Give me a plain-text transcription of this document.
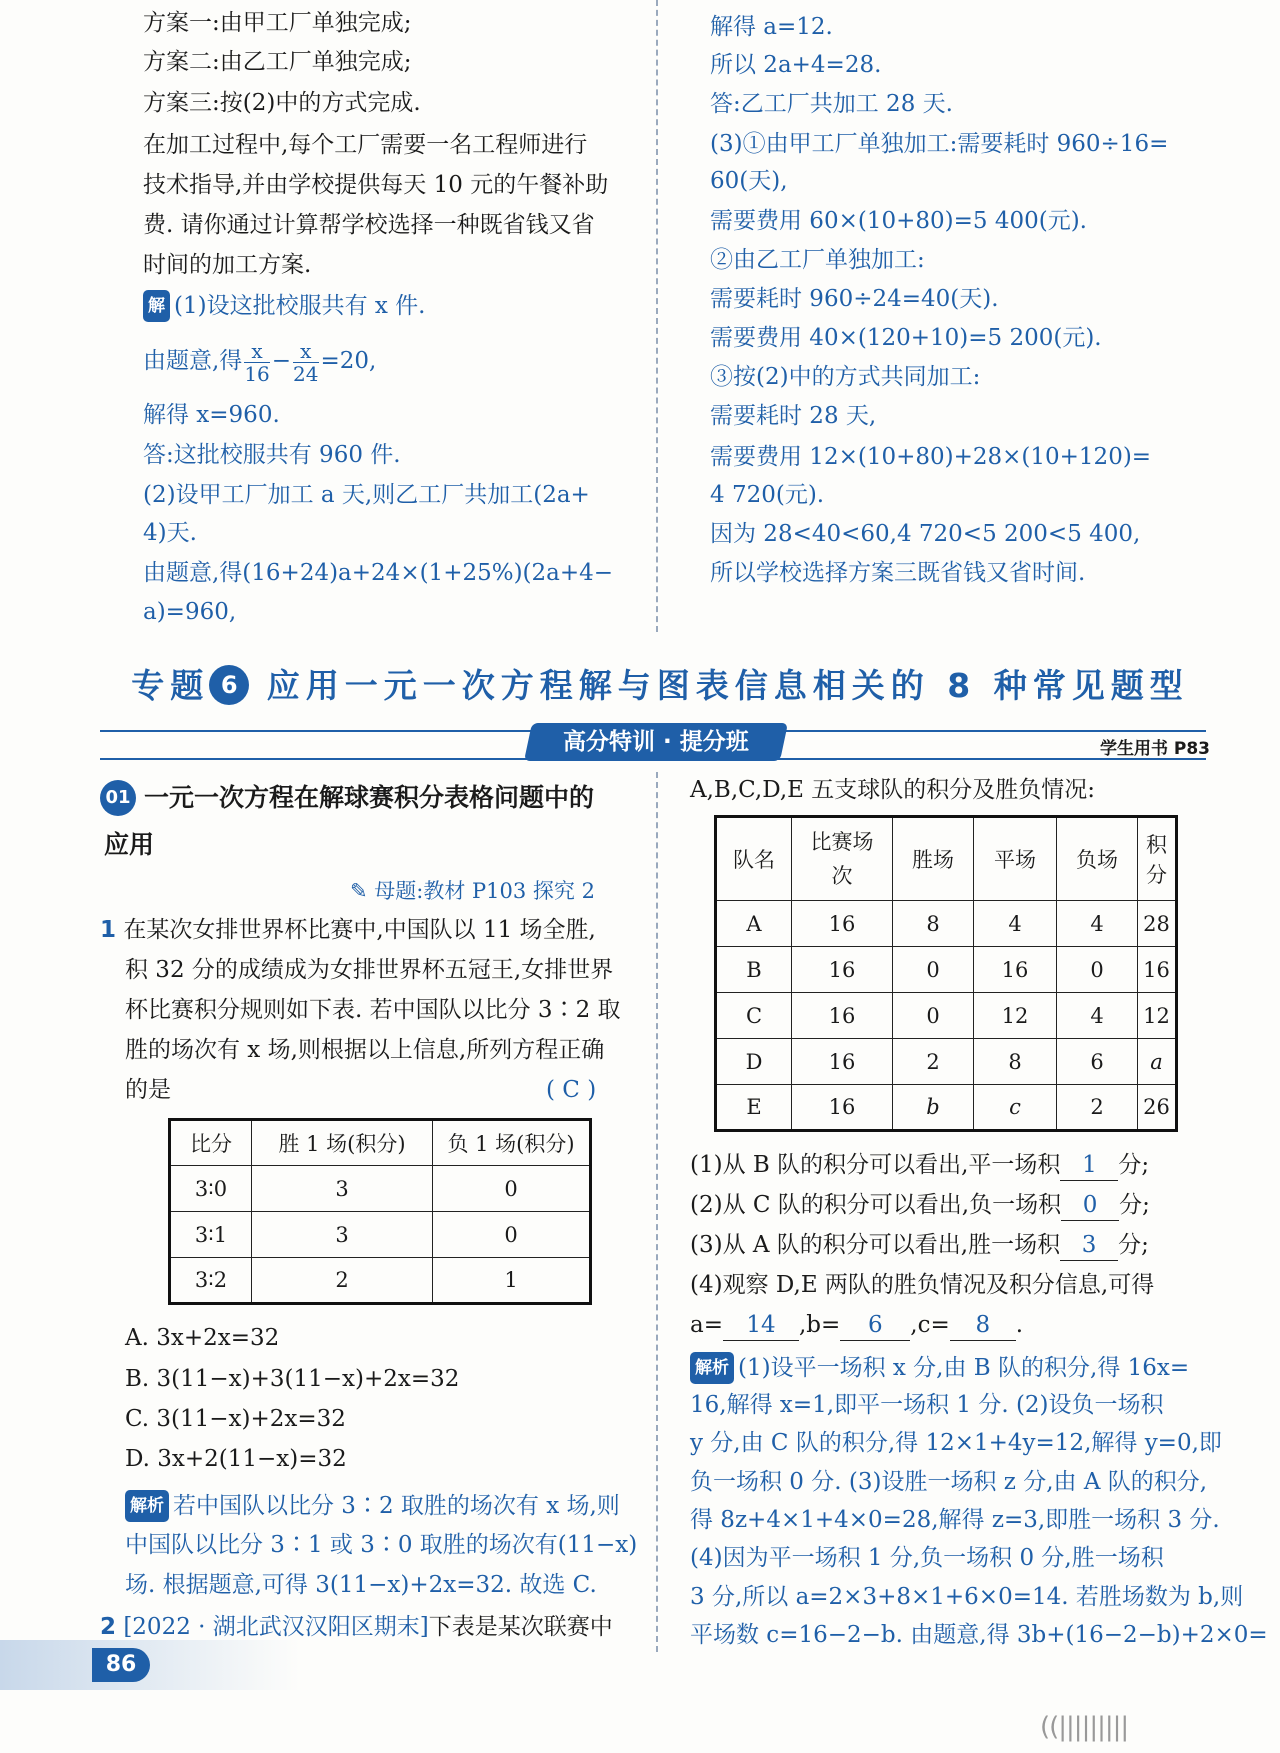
方案一:由甲工厂单独完成;
方案二:由乙工厂单独完成;
方案三:按(2)中的方式完成.
在加工过程中,每个工厂需要一名工程师进行
技术指导,并由学校提供每天 10 元的午餐补助
费. 请你通过计算帮学校选择一种既省钱又省
时间的加工方案.
解 (1)设这批校服共有 x 件.
由题意,得 $\frac{x}{16} - \frac{x}{24} =20$,
解得 x=960.
答:这批校服共有 960 件.
(2)设甲工厂加工 a 天,则乙工厂共加工(2a+
4)天.
由题意,得(16+24)a+24×(1+25%)(2a+4−
a)=960,
解得 a=12.
所以 2a+4=28.
答:乙工厂共加工 28 天.
(3)①由甲工厂单独加工:需要耗时 960÷16=
60(天),
需要费用 60×(10+80)=5 400(元).
②由乙工厂单独加工:
需要耗时 960÷24=40(天).
需要费用 40×(120+10)=5 200(元).
③按(2)中的方式共同加工:
需要耗时 28 天,
需要费用 12×(10+80)+28×(10+120)=
4 720(元).
因为 28<40<60,4 720<5 200<5 400,
所以学校选择方案三既省钱又省时间.
专题 6 应用一元一次方程解与图表信息相关的 8 种常见题型
高分特训 · 提分班	学生用书 P83
01 一元一次方程在解球赛积分表格问题中的
应用
✎ 母题:教材 P103 探究 2
1 在某次女排世界杯比赛中,中国队以 11 场全胜,
积 32 分的成绩成为女排世界杯五冠王,女排世界
杯比赛积分规则如下表. 若中国队以比分 3∶2 取
胜的场次有 x 场,则根据以上信息,所列方程正确
的是	( C )
比分	胜 1 场(积分)	负 1 场(积分)
3∶0	3	0
3∶1	3	0
3∶2	2	1
A. 3x+2x=32
B. 3(11−x)+3(11−x)+2x=32
C. 3(11−x)+2x=32
D. 3x+2(11−x)=32
解析 若中国队以比分 3∶2 取胜的场次有 x 场,则
中国队以比分 3∶1 或 3∶0 取胜的场次有(11−x)
场. 根据题意,可得 3(11−x)+2x=32. 故选 C.
2 [2022 · 湖北武汉汉阳区期末]下表是某次联赛中
A,B,C,D,E 五支球队的积分及胜负情况:
队名	比赛场次	胜场	平场	负场	积分
A	16	8	4	4	28
B	16	0	16	0	16
C	16	0	12	4	12
D	16	2	8	6	a
E	16	b	c	2	26
(1)从 B 队的积分可以看出,平一场积 1 分;
(2)从 C 队的积分可以看出,负一场积 0 分;
(3)从 A 队的积分可以看出,胜一场积 3 分;
(4)观察 D,E 两队的胜负情况及积分信息,可得
a= 14 ,b= 6 ,c= 8 .
解析 (1)设平一场积 x 分,由 B 队的积分,得 16x=
16,解得 x=1,即平一场积 1 分. (2)设负一场积
y 分,由 C 队的积分,得 12×1+4y=12,解得 y=0,即
负一场积 0 分. (3)设胜一场积 z 分,由 A 队的积分,
得 8z+4×1+4×0=28,解得 z=3,即胜一场积 3 分.
(4)因为平一场积 1 分,负一场积 0 分,胜一场积
3 分,所以 a=2×3+8×1+6×0=14. 若胜场数为 b,则
平场数 c=16−2−b. 由题意,得 3b+(16−2−b)+2×0=
86
((|||||||||
